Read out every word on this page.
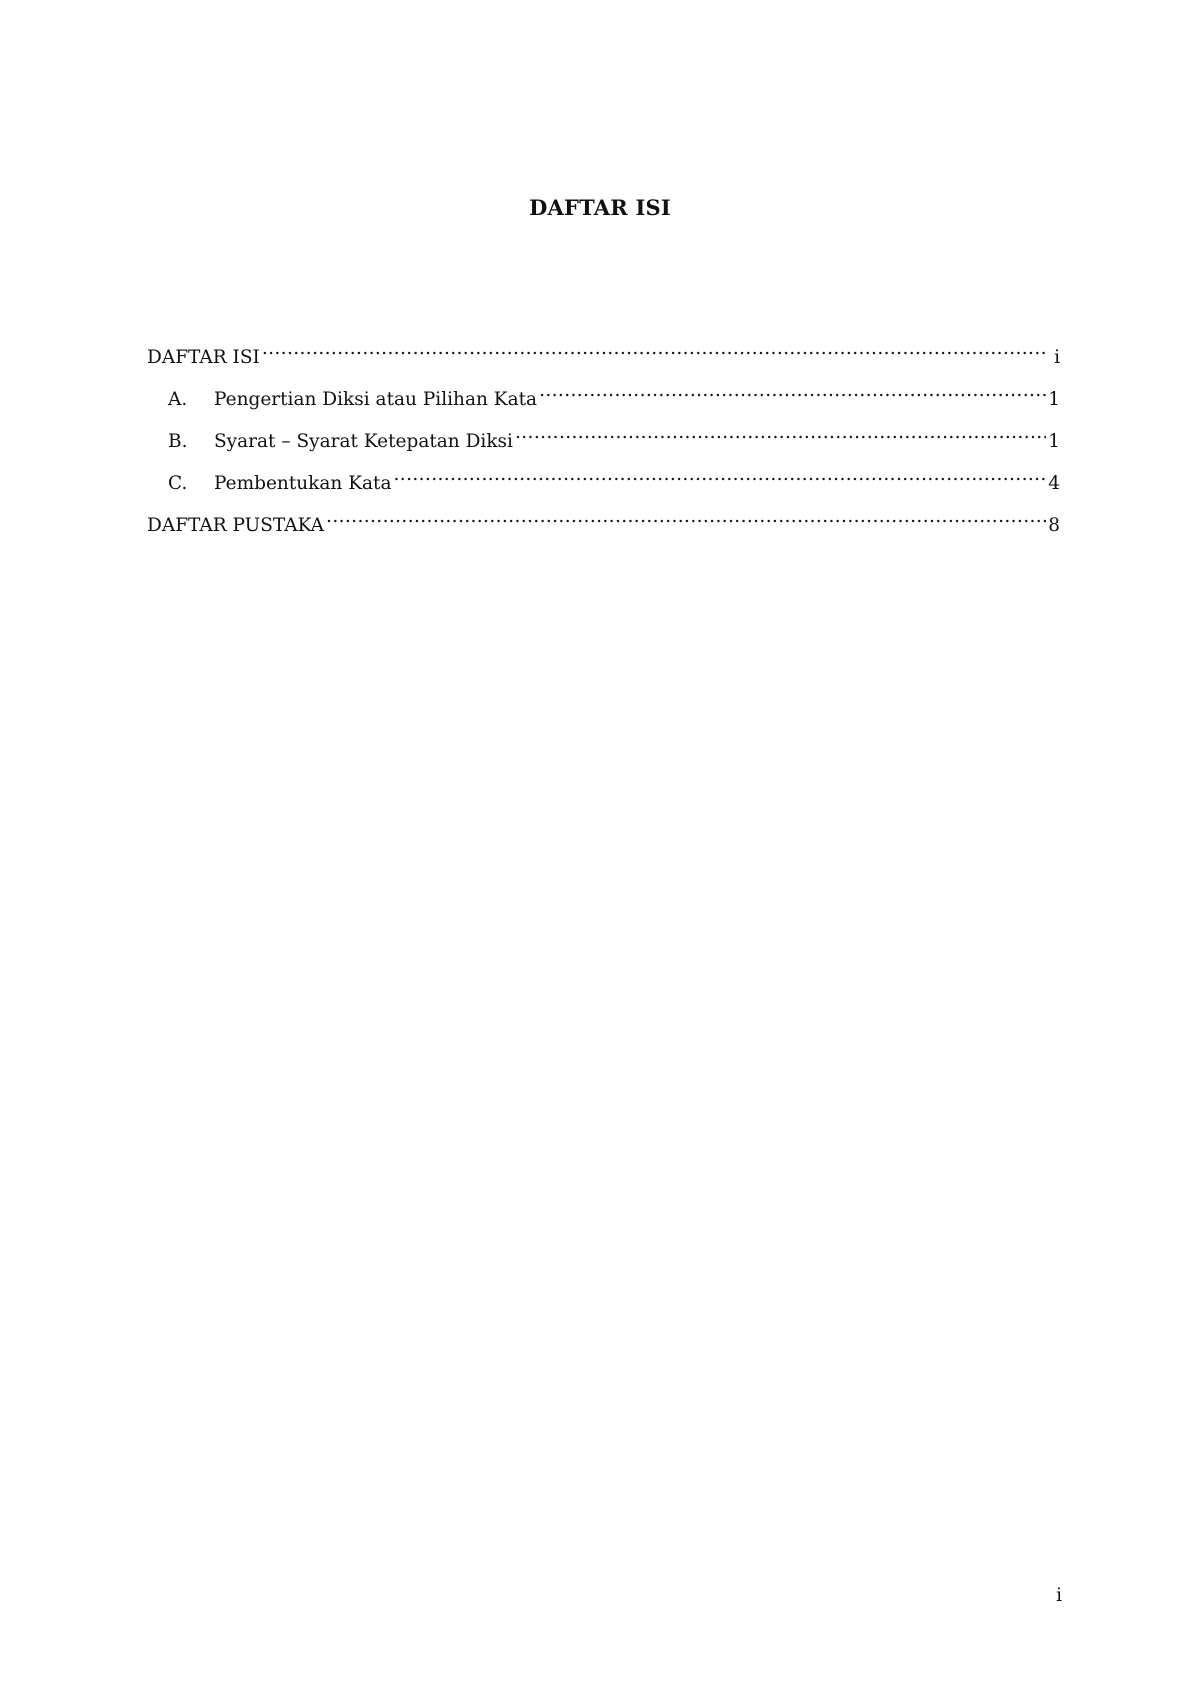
DAFTAR ISI
DAFTAR ISI .....	i
A.	Pengertian Diksi atau Pilihan Kata .....	1
B.	Syarat – Syarat Ketepatan Diksi .....	1
C.	Pembentukan Kata .....	4
DAFTAR PUSTAKA .....	8
i
